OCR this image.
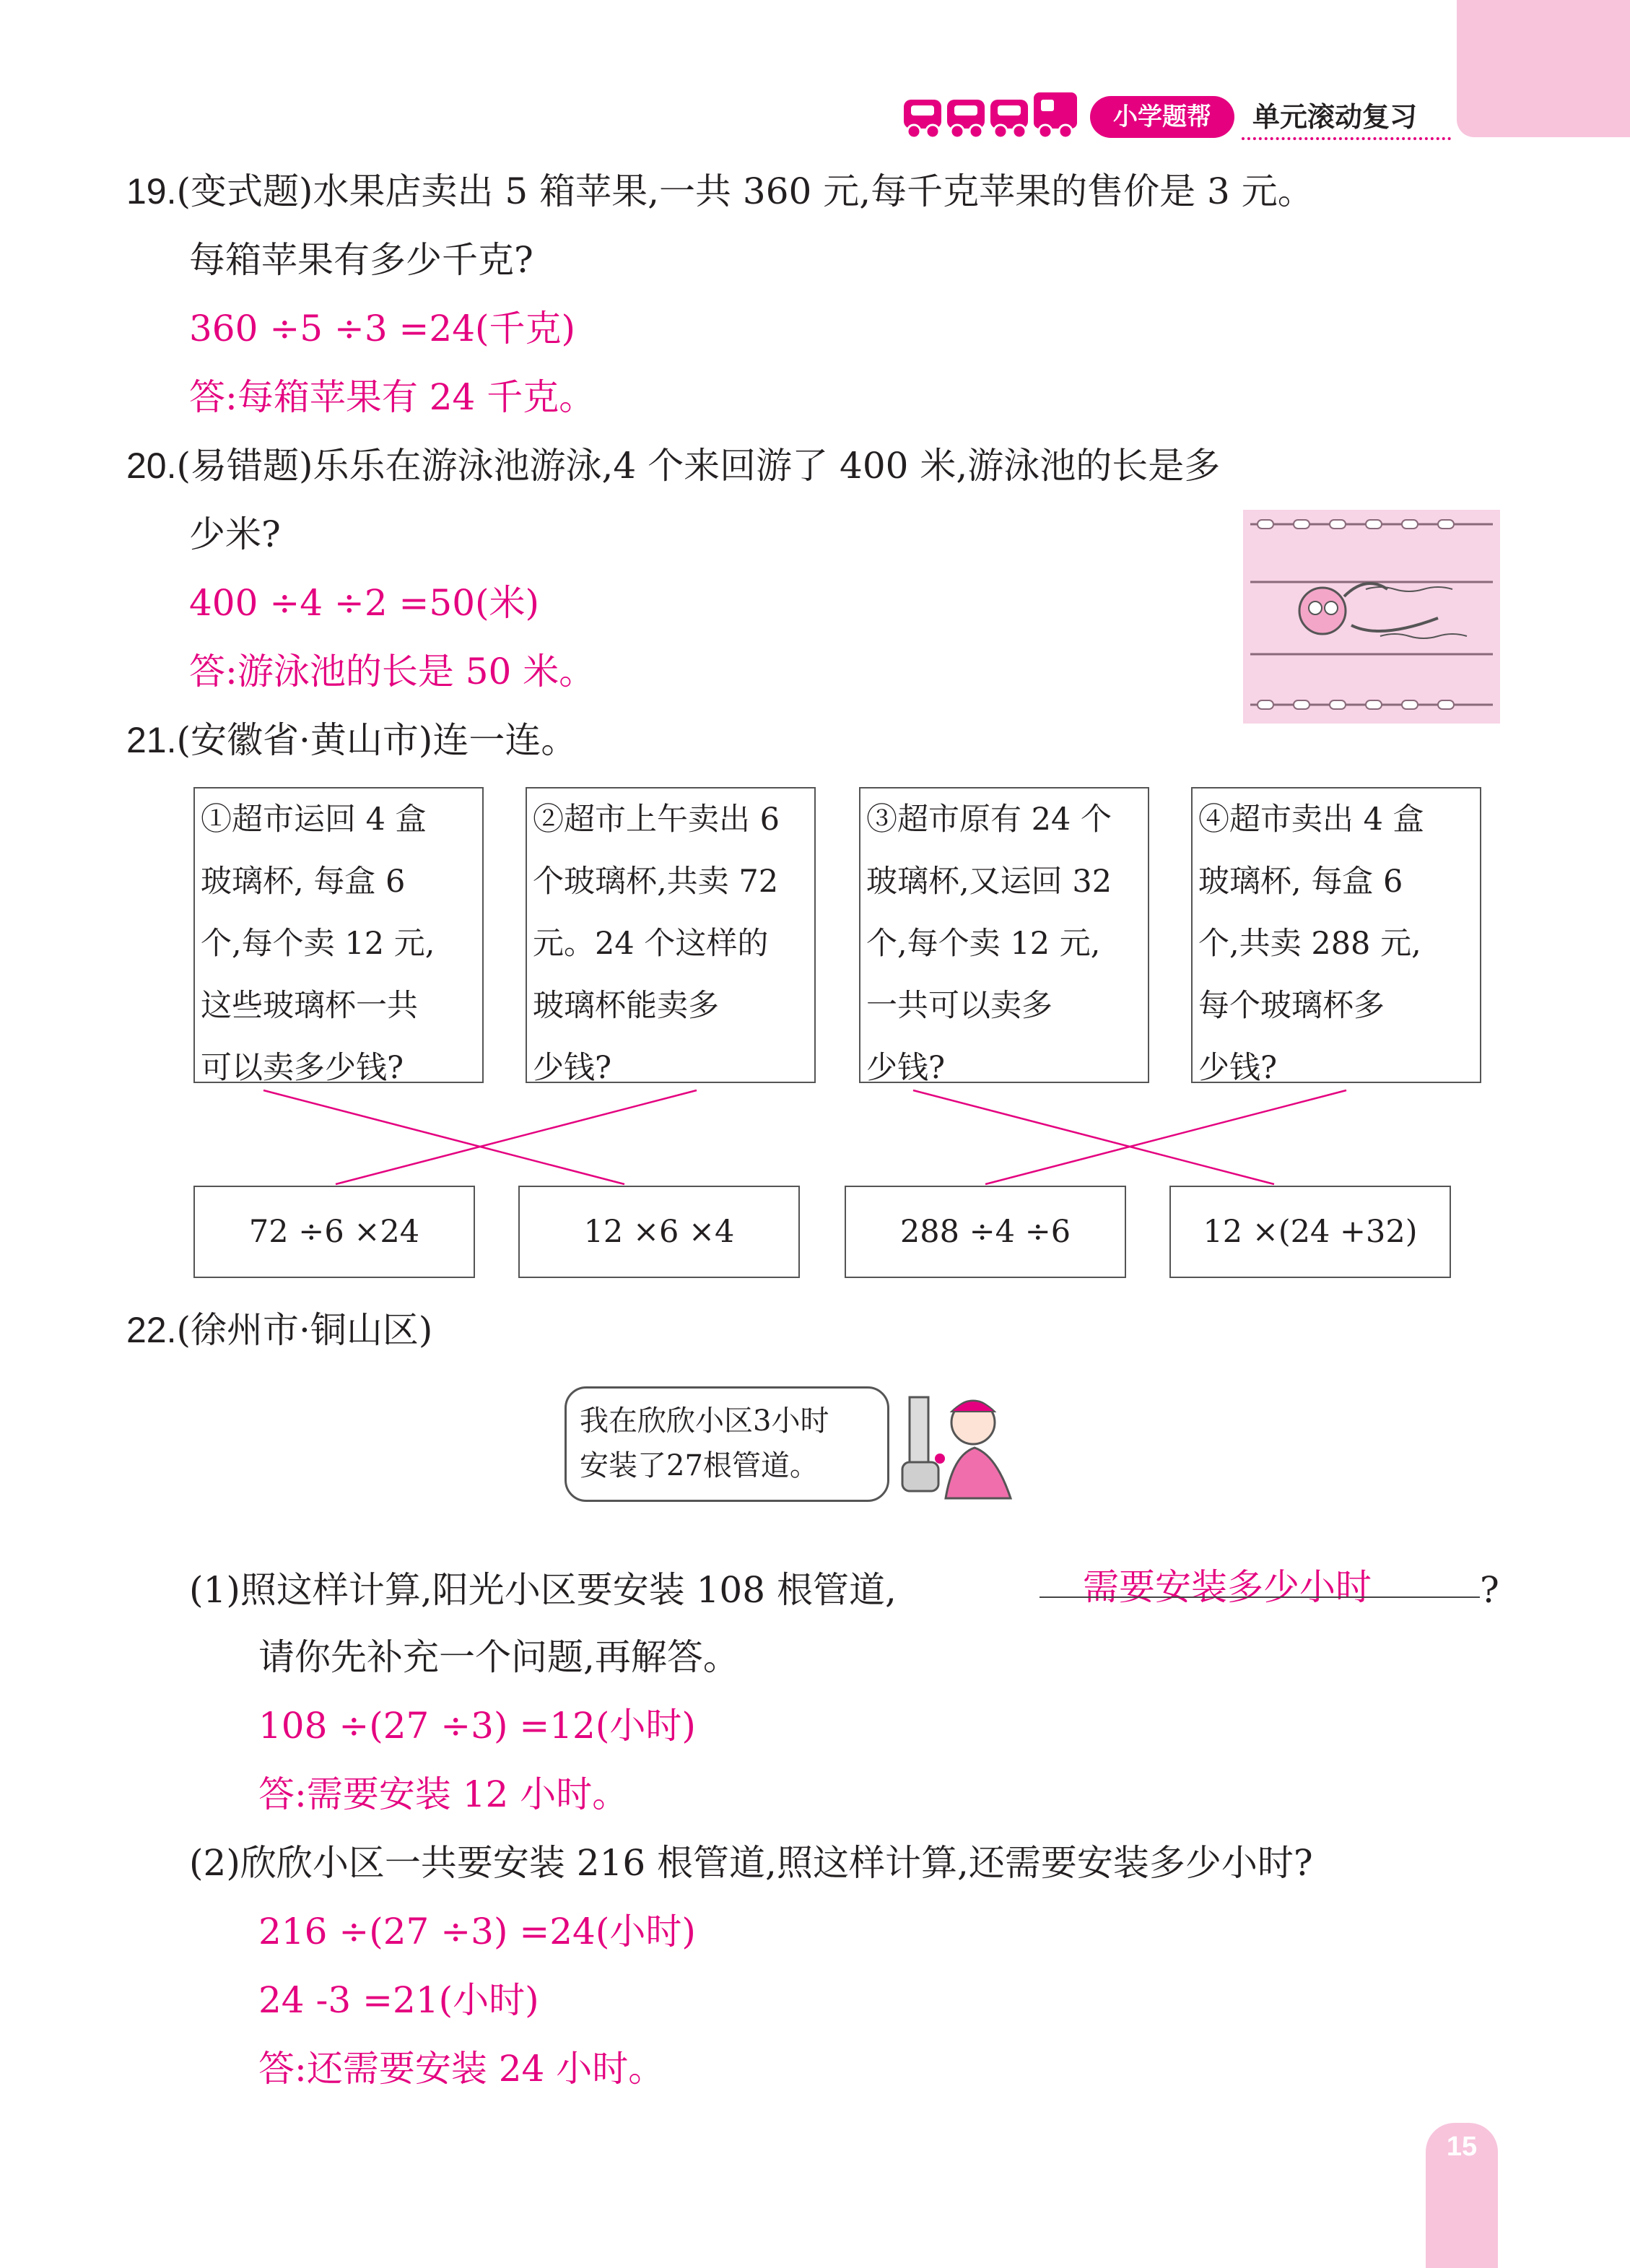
小学题帮	单元滚动复习
19.(变式题)水果店卖出 5 箱苹果,一共 360 元,每千克苹果的售价是 3 元。
每箱苹果有多少千克?
360 ÷5 ÷3 =24(千克)
答:每箱苹果有 24 千克。
20.(易错题)乐乐在游泳池游泳,4 个来回游了 400 米,游泳池的长是多
少米?
400 ÷4 ÷2 =50(米)
答:游泳池的长是 50 米。
21.(安徽省·黄山市)连一连。

①超市运回 4 盒

玻璃杯, 每盒 6

个,每个卖 12 元,

这些玻璃杯一共

可以卖多少钱?

②超市上午卖出 6

个玻璃杯,共卖 72

元。24 个这样的

玻璃杯能卖多

少钱?

③超市原有 24 个

玻璃杯,又运回 32

个,每个卖 12 元,

一共可以卖多

少钱?

④超市卖出 4 盒

玻璃杯, 每盒 6

个,共卖 288 元,

每个玻璃杯多

少钱?

72 ÷6 ×24	12 ×6 ×4	288 ÷4 ÷6	12 ×(24 +32)
22.(徐州市·铜山区)
我在欣欣小区3小时
安装了27根管道。
(1)照这样计算,阳光小区要安装 108 根管道,	需要安装多少小时	?
请你先补充一个问题,再解答。
108 ÷(27 ÷3) =12(小时)
答:需要安装 12 小时。
(2)欣欣小区一共要安装 216 根管道,照这样计算,还需要安装多少小时?
216 ÷(27 ÷3) =24(小时)
24 -3 =21(小时)
答:还需要安装 24 小时。
15
